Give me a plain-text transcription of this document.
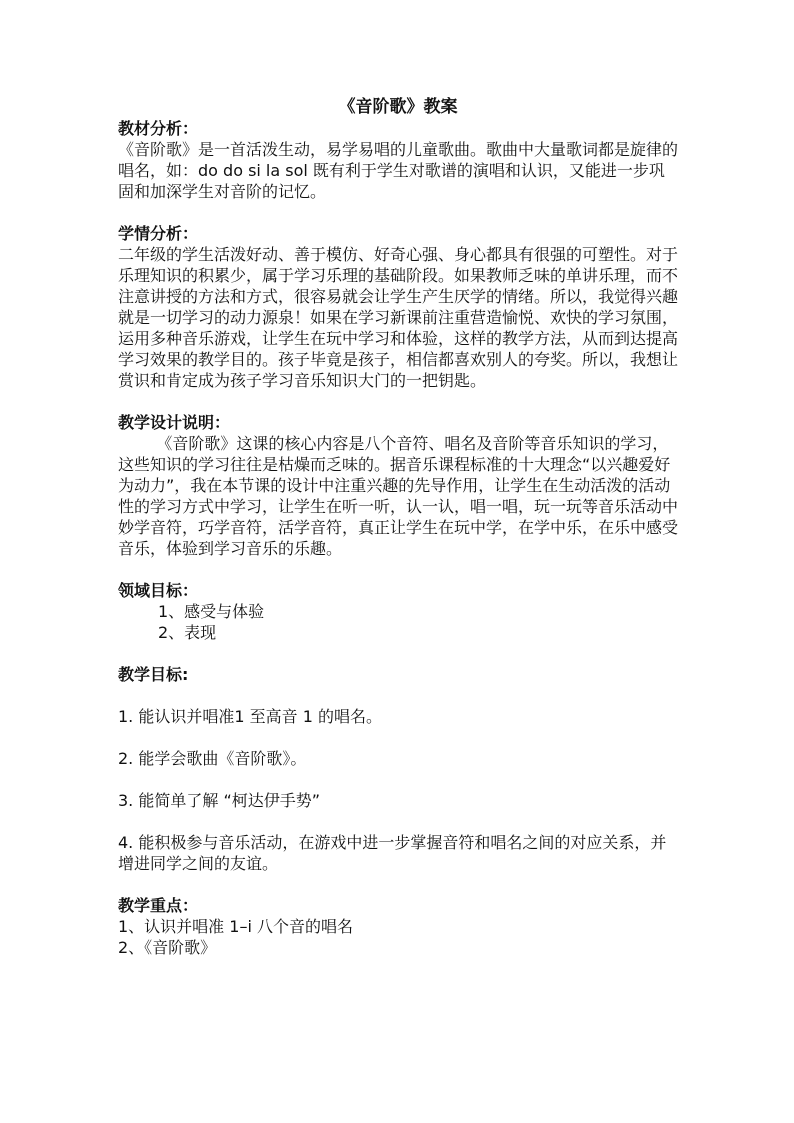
《音阶歌》教案

教材分析：

《音阶歌》是一首活泼生动，易学易唱的儿童歌曲。歌曲中大量歌词都是旋律的唱名，如：do do si la sol 既有利于学生对歌谱的演唱和认识，又能进一步巩固和加深学生对音阶的记忆。

学情分析：

二年级的学生活泼好动、善于模仿、好奇心强、身心都具有很强的可塑性。对于乐理知识的积累少，属于学习乐理的基础阶段。如果教师乏味的单讲乐理，而不注意讲授的方法和方式，很容易就会让学生产生厌学的情绪。所以，我觉得兴趣就是一切学习的动力源泉！如果在学习新课前注重营造愉悦、欢快的学习氛围，运用多种音乐游戏，让学生在玩中学习和体验，这样的教学方法，从而到达提高学习效果的教学目的。孩子毕竟是孩子，相信都喜欢别人的夸奖。所以，我想让赏识和肯定成为孩子学习音乐知识大门的一把钥匙。

教学设计说明：

《音阶歌》这课的核心内容是八个音符、唱名及音阶等音乐知识的学习，这些知识的学习往往是枯燥而乏味的。据音乐课程标准的十大理念“以兴趣爱好为动力”，我在本节课的设计中注重兴趣的先导作用，让学生在生动活泼的活动性的学习方式中学习，让学生在听一听，认一认，唱一唱，玩一玩等音乐活动中妙学音符，巧学音符，活学音符，真正让学生在玩中学，在学中乐，在乐中感受音乐，体验到学习音乐的乐趣。

领域目标：

1、感受与体验

2、表现

教学目标:

1. 能认识并唱准1 至高音 1 的唱名。

2. 能学会歌曲《音阶歌》。

3. 能简单了解 “柯达伊手势”

4. 能积极参与音乐活动，在游戏中进一步掌握音符和唱名之间的对应关系，并增进同学之间的友谊。

教学重点：

1、认识并唱准 1–i 八个音的唱名

2、《音阶歌》
